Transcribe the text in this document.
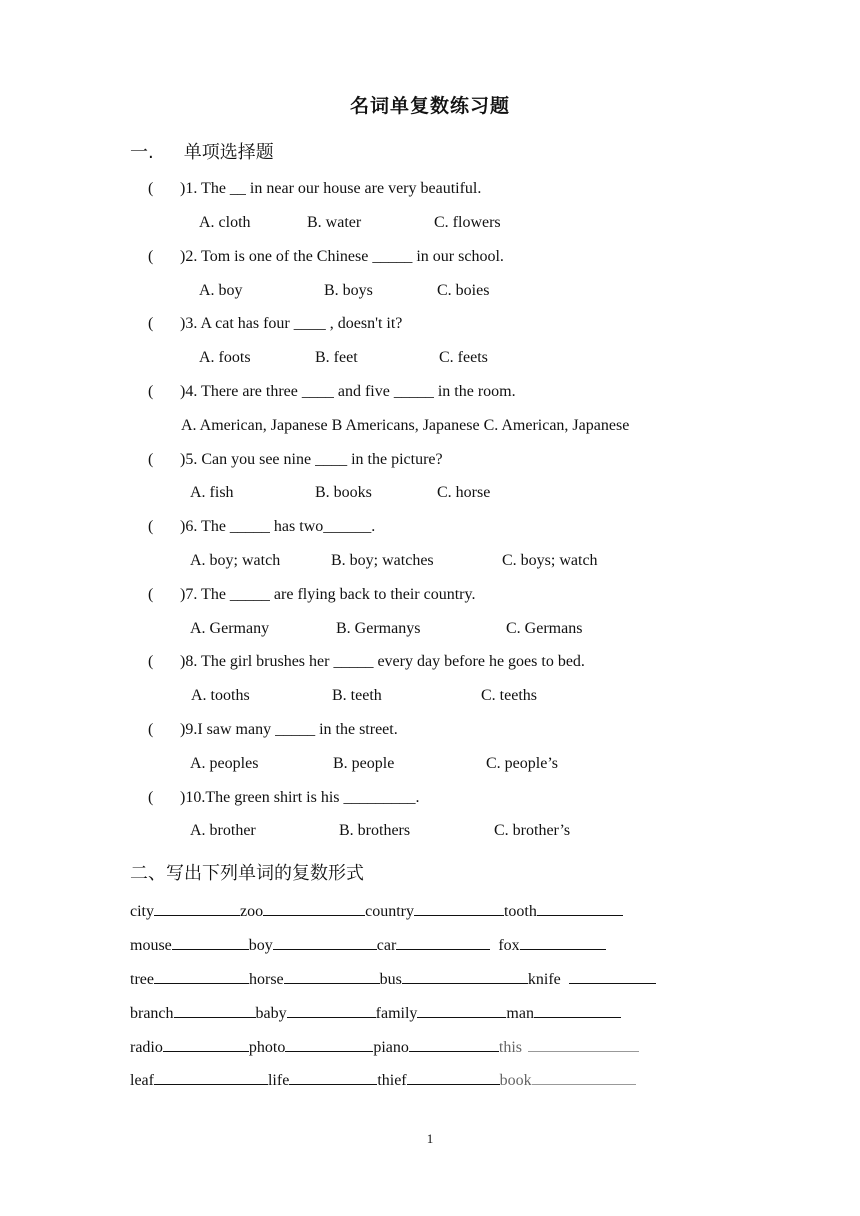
名词单复数练习题
一. 单项选择题
( )1. The __ in near our house are very beautiful.
A. cloth	B. water	C. flowers
( )2. Tom is one of the Chinese _____ in our school.
A. boy	B. boys	C. boies
( )3. A cat has four ____ , doesn't it?
A. foots	B. feet	C. feets
( )4. There are three ____ and five _____ in the room.
A. American, Japanese B Americans, Japanese C. American, Japanese
( )5. Can you see nine ____ in the picture?
A. fish	B. books	C. horse
( )6. The _____ has two______.
A. boy; watch	B. boy; watches	C. boys; watch
( )7. The _____ are flying back to their country.
A. Germany	B. Germanys	C. Germans
( )8. The girl brushes her _____ every day before he goes to bed.
A. tooths	B. teeth	C. teeths
( )9.I saw many _____ in the street.
A. peoples	B. people	C. people’s
( )10.The green shirt is his _________.
A. brother	B. brothers	C. brother’s
二、写出下列单词的复数形式
city	zoo	country	tooth
mouse	boy	car	fox
tree	horse	bus	knife
branch	baby	family	man
radio	photo	piano	this
leaf	life	thief	book
1
